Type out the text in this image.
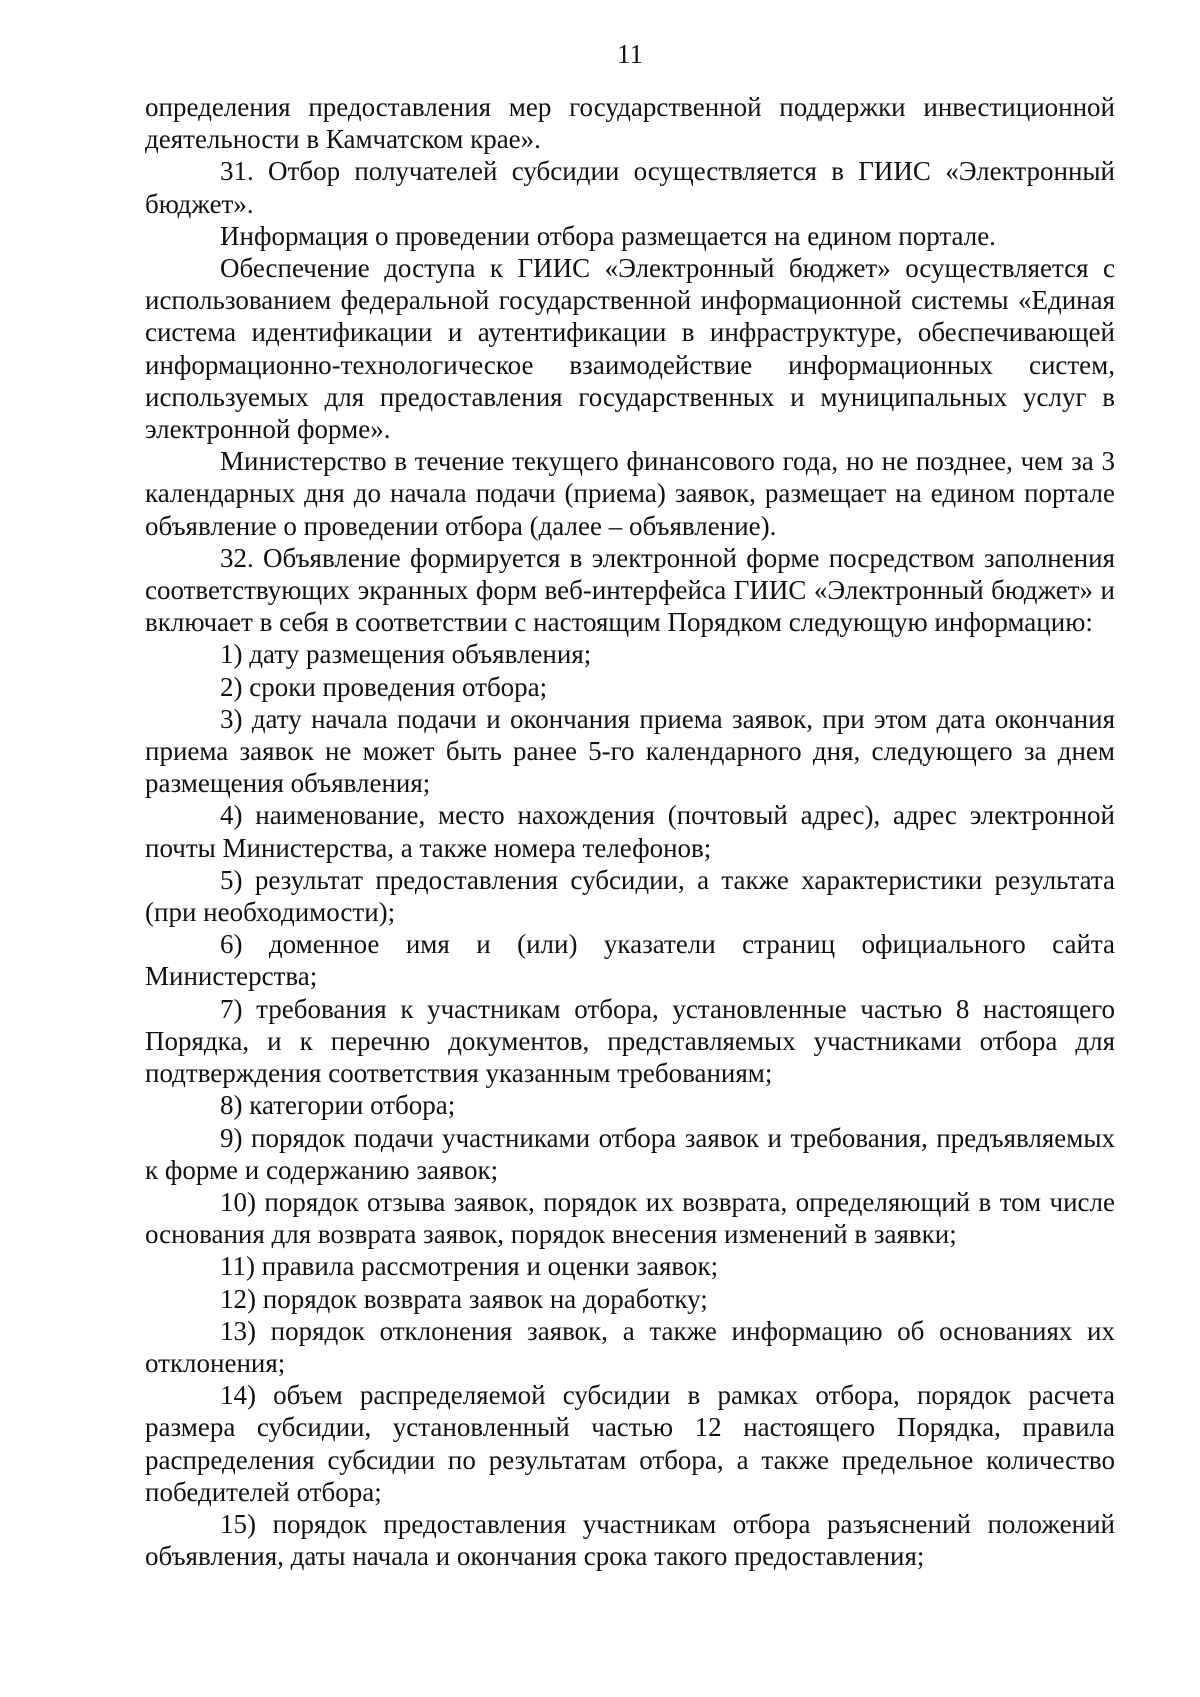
11

определения предоставления мер государственной поддержки инвестиционной деятельности в Камчатском крае».

31. Отбор получателей субсидии осуществляется в ГИИС «Электронный бюджет».

Информация о проведении отбора размещается на едином портале.

Обеспечение доступа к ГИИС «Электронный бюджет» осуществляется с использованием федеральной государственной информационной системы «Единая система идентификации и аутентификации в инфраструктуре, обеспечивающей информационно-технологическое взаимодействие информационных систем, используемых для предоставления государственных и муниципальных услуг в электронной форме».

Министерство в течение текущего финансового года, но не позднее, чем за 3 календарных дня до начала подачи (приема) заявок, размещает на едином портале объявление о проведении отбора (далее – объявление).

32. Объявление формируется в электронной форме посредством заполнения соответствующих экранных форм веб-интерфейса ГИИС «Электронный бюджет» и включает в себя в соответствии с настоящим Порядком следующую информацию:

1) дату размещения объявления;

2) сроки проведения отбора;

3) дату начала подачи и окончания приема заявок, при этом дата окончания приема заявок не может быть ранее 5-го календарного дня, следующего за днем размещения объявления;

4) наименование, место нахождения (почтовый адрес), адрес электронной почты Министерства, а также номера телефонов;

5) результат предоставления субсидии, а также характеристики результата (при необходимости);

6) доменное имя и (или) указатели страниц официального сайта Министерства;

7) требования к участникам отбора, установленные частью 8 настоящего Порядка, и к перечню документов, представляемых участниками отбора для подтверждения соответствия указанным требованиям;

8) категории отбора;

9) порядок подачи участниками отбора заявок и требования, предъявляемых к форме и содержанию заявок;

10) порядок отзыва заявок, порядок их возврата, определяющий в том числе основания для возврата заявок, порядок внесения изменений в заявки;

11) правила рассмотрения и оценки заявок;

12) порядок возврата заявок на доработку;

13) порядок отклонения заявок, а также информацию об основаниях их отклонения;

14) объем распределяемой субсидии в рамках отбора, порядок расчета размера субсидии, установленный частью 12 настоящего Порядка, правила распределения субсидии по результатам отбора, а также предельное количество победителей отбора;

15) порядок предоставления участникам отбора разъяснений положений объявления, даты начала и окончания срока такого предоставления;
